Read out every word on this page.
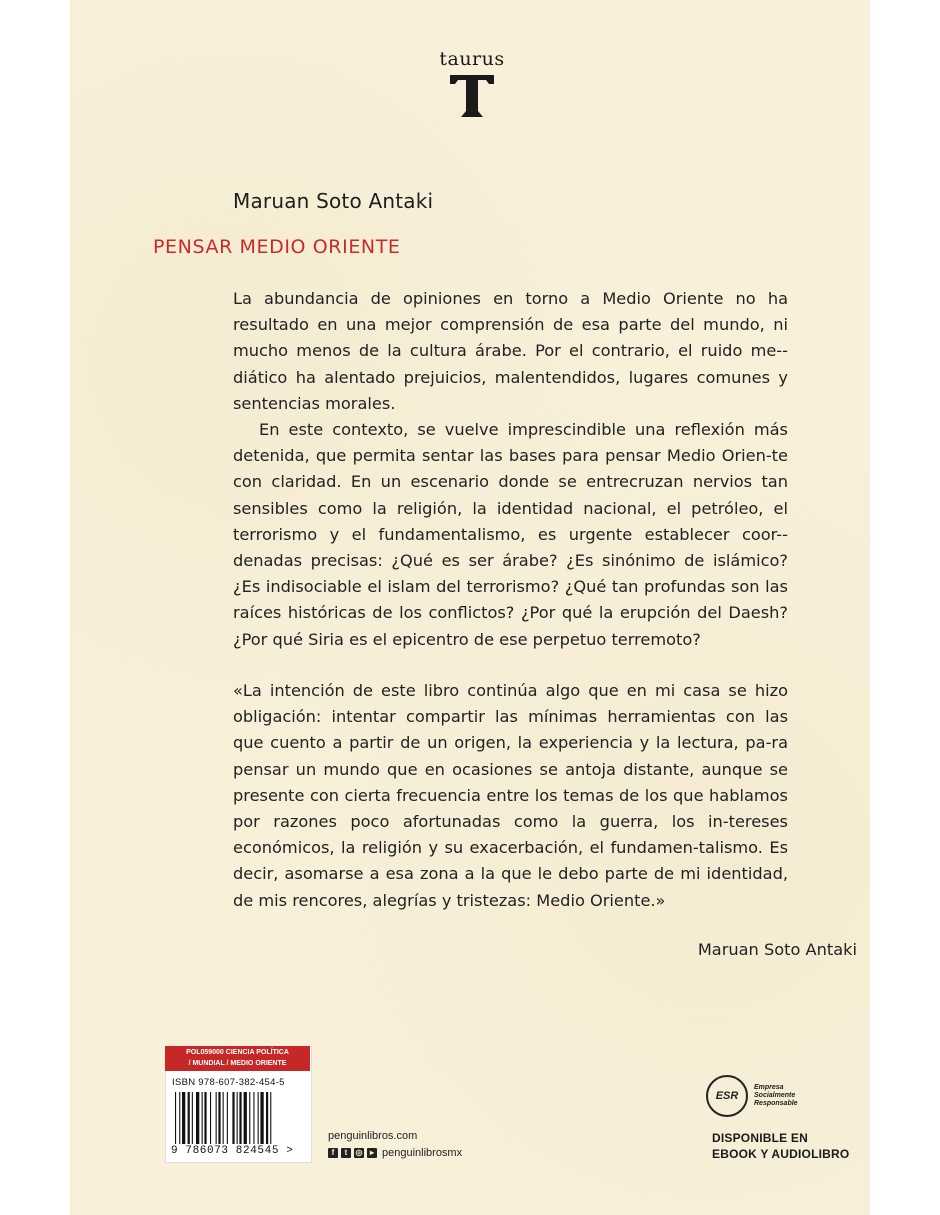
taurus
Maruan Soto Antaki
PENSAR MEDIO ORIENTE

La abundancia de opiniones en torno a Medio Oriente no ha resultado en una mejor comprensión de esa parte del mundo, ni mucho menos de la cultura árabe. Por el contrario, el ruido me-diático ha alentado prejuicios, malentendidos, lugares comunes y sentencias morales.

En este contexto, se vuelve imprescindible una reflexión más detenida, que permita sentar las bases para pensar Medio Orien-te con claridad. En un escenario donde se entrecruzan nervios tan sensibles como la religión, la identidad nacional, el petróleo, el terrorismo y el fundamentalismo, es urgente establecer coor-denadas precisas: ¿Qué es ser árabe? ¿Es sinónimo de islámico? ¿Es indisociable el islam del terrorismo? ¿Qué tan profundas son las raíces históricas de los conflictos? ¿Por qué la erupción del Daesh? ¿Por qué Siria es el epicentro de ese perpetuo terremoto?

«La intención de este libro continúa algo que en mi casa se hizo obligación: intentar compartir las mínimas herramientas con las que cuento a partir de un origen, la experiencia y la lectura, pa-ra pensar un mundo que en ocasiones se antoja distante, aunque se presente con cierta frecuencia entre los temas de los que hablamos por razones poco afortunadas como la guerra, los in-tereses económicos, la religión y su exacerbación, el fundamen-talismo. Es decir, asomarse a esa zona a la que le debo parte de mi identidad, de mis rencores, alegrías y tristezas: Medio Oriente.»

Maruan Soto Antaki
POL059000 CIENCIA POLÍTICA
/ MUNDIAL / MEDIO ORIENTE
ISBN 978-607-382-454-5
9 786073 824545 >
penguinlibros.com
f	t	◎ ▸ penguinlibrosmx
ESR
Empresa Socialmente Responsable
DISPONIBLE EN
EBOOK Y AUDIOLIBRO
